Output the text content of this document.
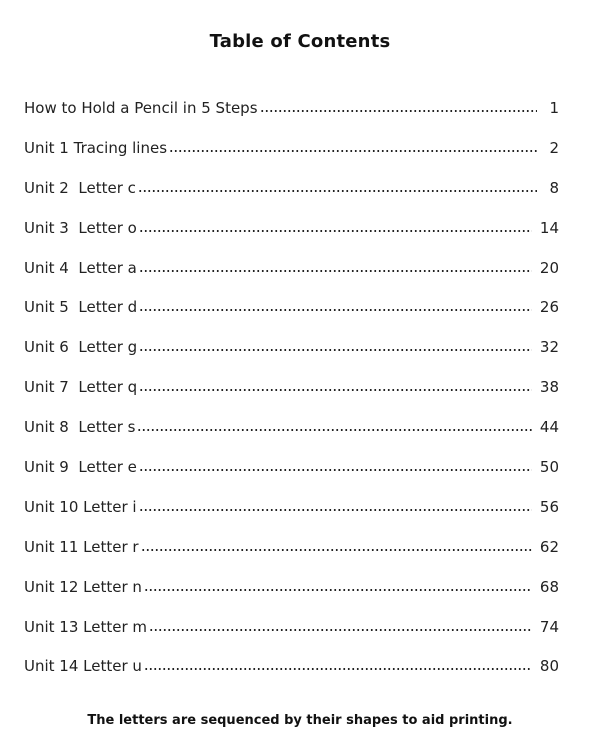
Table of Contents
How to Hold a Pencil in 5 Steps	1
Unit 1 Tracing lines	2
Unit 2  Letter c	8
Unit 3  Letter o	14
Unit 4  Letter a	20
Unit 5  Letter d	26
Unit 6  Letter g	32
Unit 7  Letter q	38
Unit 8  Letter s	44
Unit 9  Letter e	50
Unit 10 Letter i	56
Unit 11 Letter r	62
Unit 12 Letter n	68
Unit 13 Letter m	74
Unit 14 Letter u	80
The letters are sequenced by their shapes to aid printing.
